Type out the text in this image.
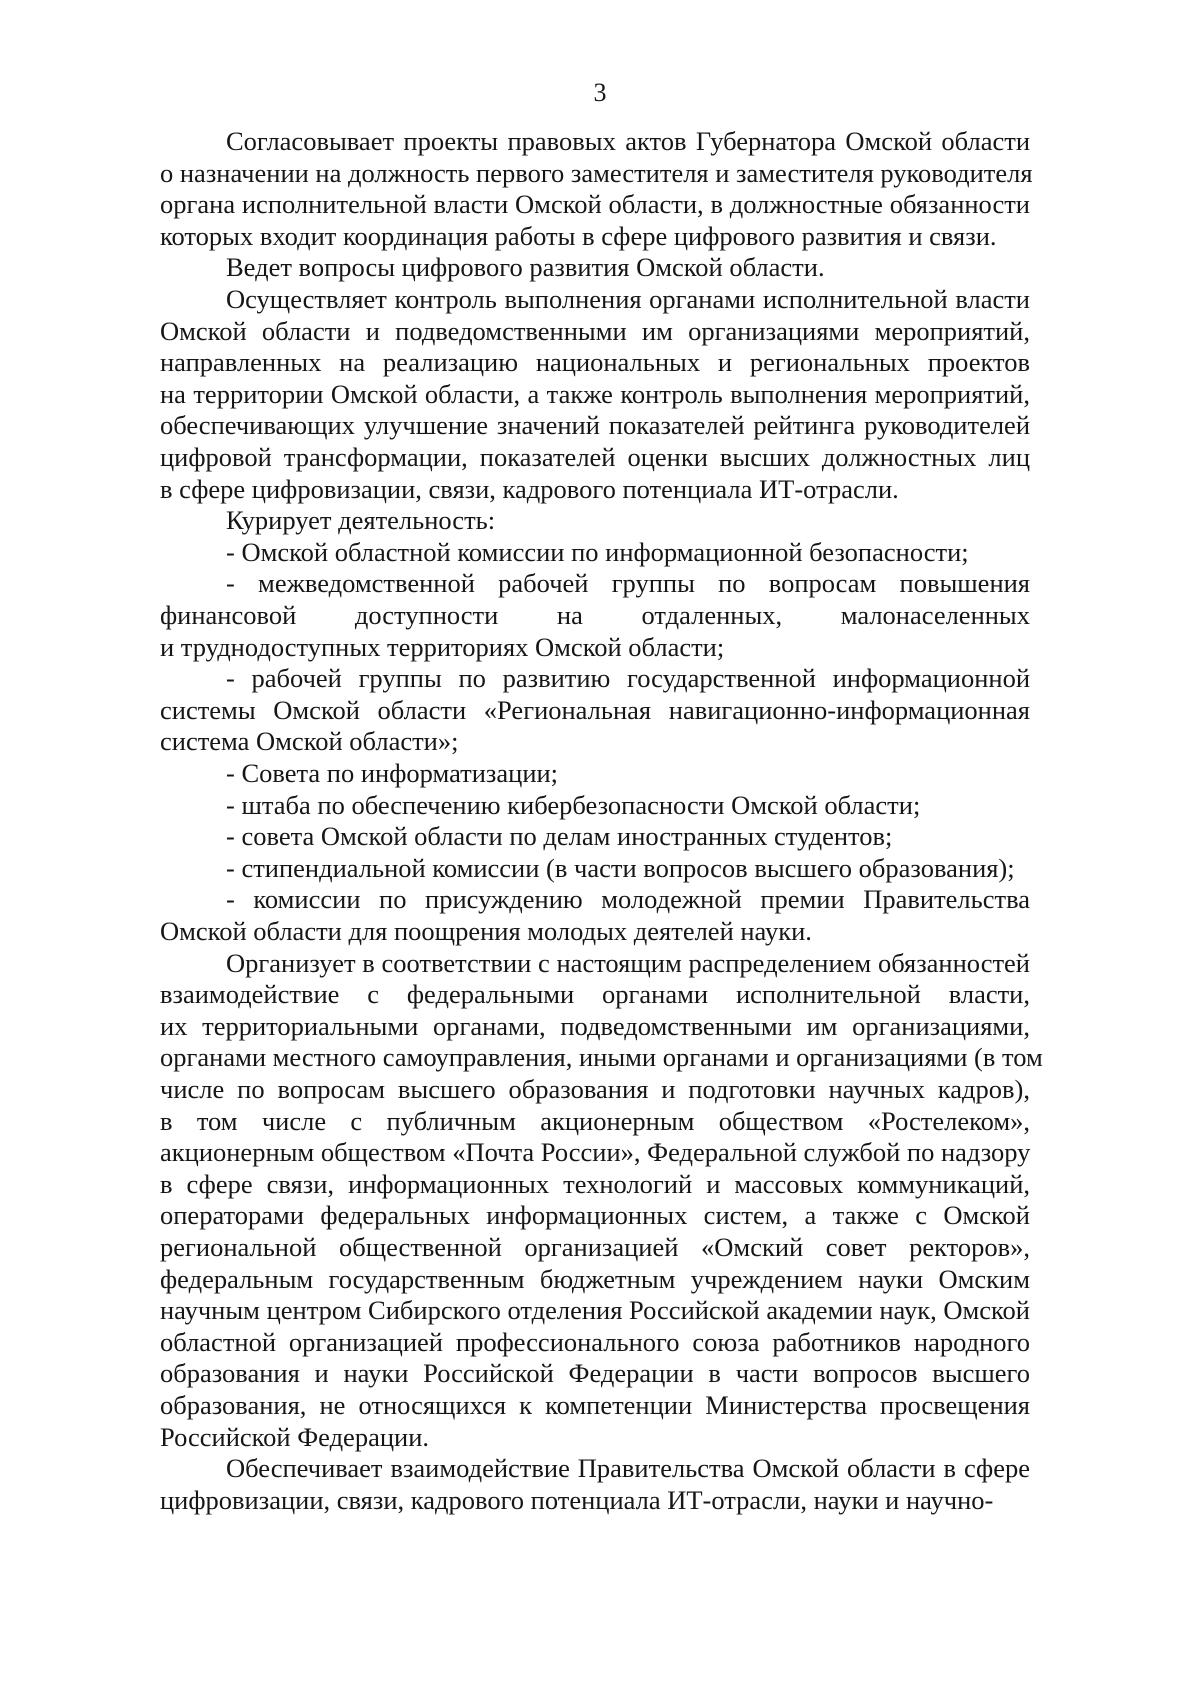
3
Согласовывает проекты правовых актов Губернатора Омской области
о назначении на должность первого заместителя и заместителя руководителя
органа исполнительной власти Омской области, в должностные обязанности
которых входит координация работы в сфере цифрового развития и связи.
Ведет вопросы цифрового развития Омской области.
Осуществляет контроль выполнения органами исполнительной власти
Омской области и подведомственными им организациями мероприятий,
направленных на реализацию национальных и региональных проектов
на территории Омской области, а также контроль выполнения мероприятий,
обеспечивающих улучшение значений показателей рейтинга руководителей
цифровой трансформации, показателей оценки высших должностных лиц
в сфере цифровизации, связи, кадрового потенциала ИТ-отрасли.
Курирует деятельность:
- Омской областной комиссии по информационной безопасности;
- межведомственной рабочей группы по вопросам повышения
финансовой доступности на отдаленных, малонаселенных
и труднодоступных территориях Омской области;
- рабочей группы по развитию государственной информационной
системы Омской области «Региональная навигационно-информационная
система Омской области»;
- Совета по информатизации;
- штаба по обеспечению кибербезопасности Омской области;
- совета Омской области по делам иностранных студентов;
- стипендиальной комиссии (в части вопросов высшего образования);
- комиссии по присуждению молодежной премии Правительства
Омской области для поощрения молодых деятелей науки.
Организует в соответствии с настоящим распределением обязанностей
взаимодействие с федеральными органами исполнительной власти,
их территориальными органами, подведомственными им организациями,
органами местного самоуправления, иными органами и организациями (в том
числе по вопросам высшего образования и подготовки научных кадров),
в том числе с публичным акционерным обществом «Ростелеком»,
акционерным обществом «Почта России», Федеральной службой по надзору
в сфере связи, информационных технологий и массовых коммуникаций,
операторами федеральных информационных систем, а также с Омской
региональной общественной организацией «Омский совет ректоров»,
федеральным государственным бюджетным учреждением науки Омским
научным центром Сибирского отделения Российской академии наук, Омской
областной организацией профессионального союза работников народного
образования и науки Российской Федерации в части вопросов высшего
образования, не относящихся к компетенции Министерства просвещения
Российской Федерации.
Обеспечивает взаимодействие Правительства Омской области в сфере
цифровизации, связи, кадрового потенциала ИТ-отрасли, науки и научно-
